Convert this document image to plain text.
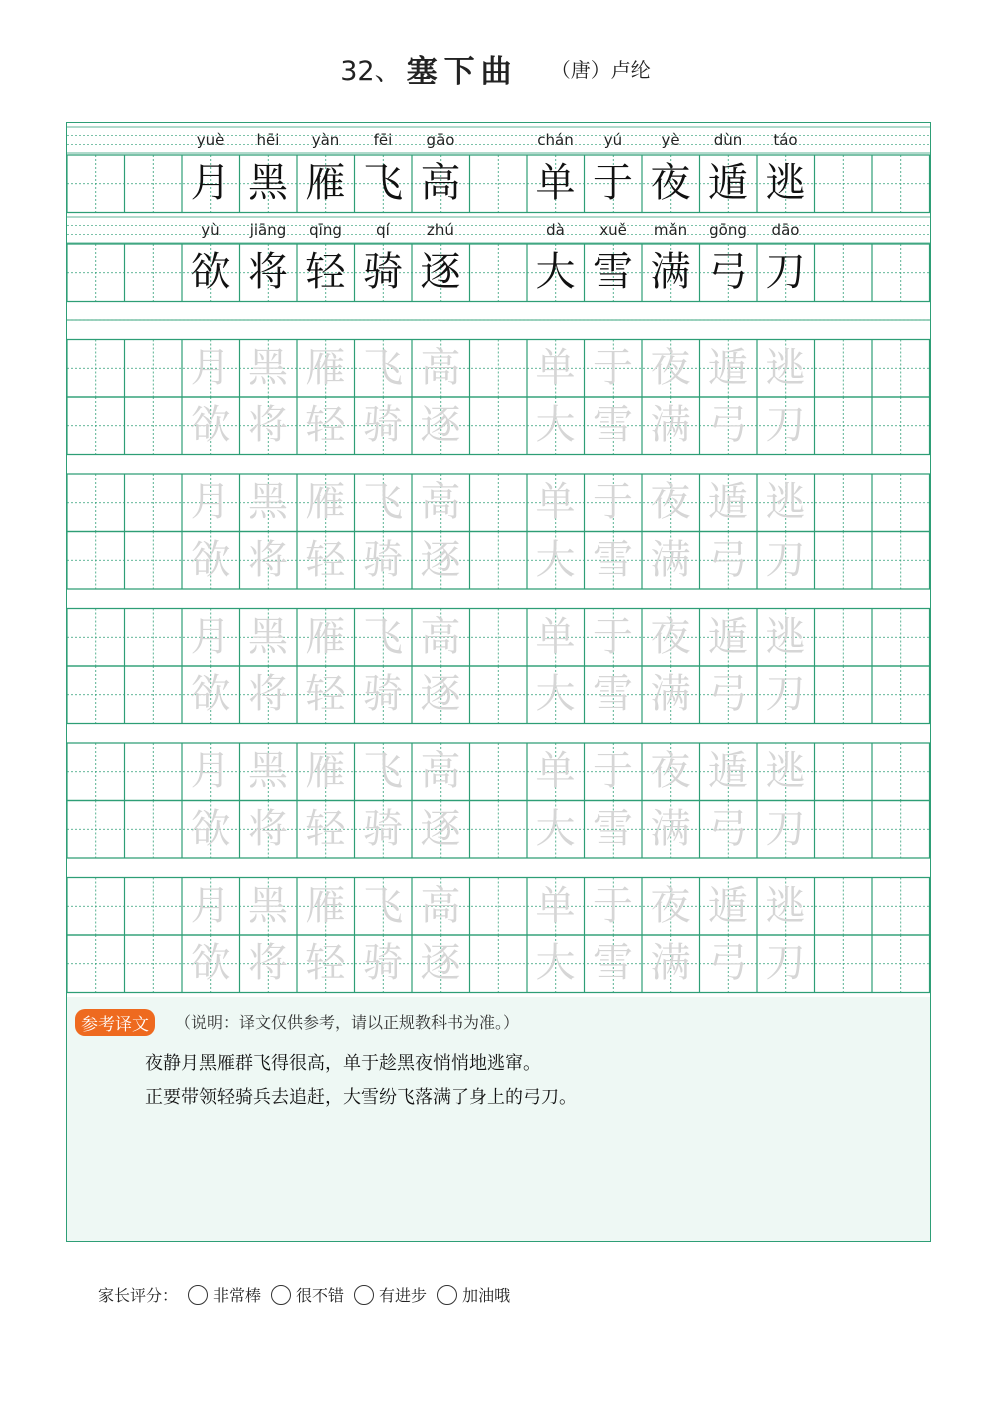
32、 塞下曲 （唐）卢纶
yuè
月
yù
欲
hēi
黑
jiāng
将
yàn
雁
qīng
轻
fēi
飞
qí
骑
gāo
高
zhú
逐
chán
单
dà
大
yú
于
xuě
雪
yè
夜
mǎn
满
dùn
遁
gōng
弓
táo
逃
dāo
刀
月
欲
黑
将
雁
轻
飞
骑
高
逐
单
大
于
雪
夜
满
遁
弓
逃
刀
月
欲
黑
将
雁
轻
飞
骑
高
逐
单
大
于
雪
夜
满
遁
弓
逃
刀
月
欲
黑
将
雁
轻
飞
骑
高
逐
单
大
于
雪
夜
满
遁
弓
逃
刀
月
欲
黑
将
雁
轻
飞
骑
高
逐
单
大
于
雪
夜
满
遁
弓
逃
刀
月
欲
黑
将
雁
轻
飞
骑
高
逐
单
大
于
雪
夜
满
遁
弓
逃
刀
参考译文	（说明：译文仅供参考，请以正规教科书为准。）
夜静月黑雁群飞得很高，单于趁黑夜悄悄地逃窜。
正要带领轻骑兵去追赶，大雪纷飞落满了身上的弓刀。
家长评分： 非常棒 很不错 有进步 加油哦
